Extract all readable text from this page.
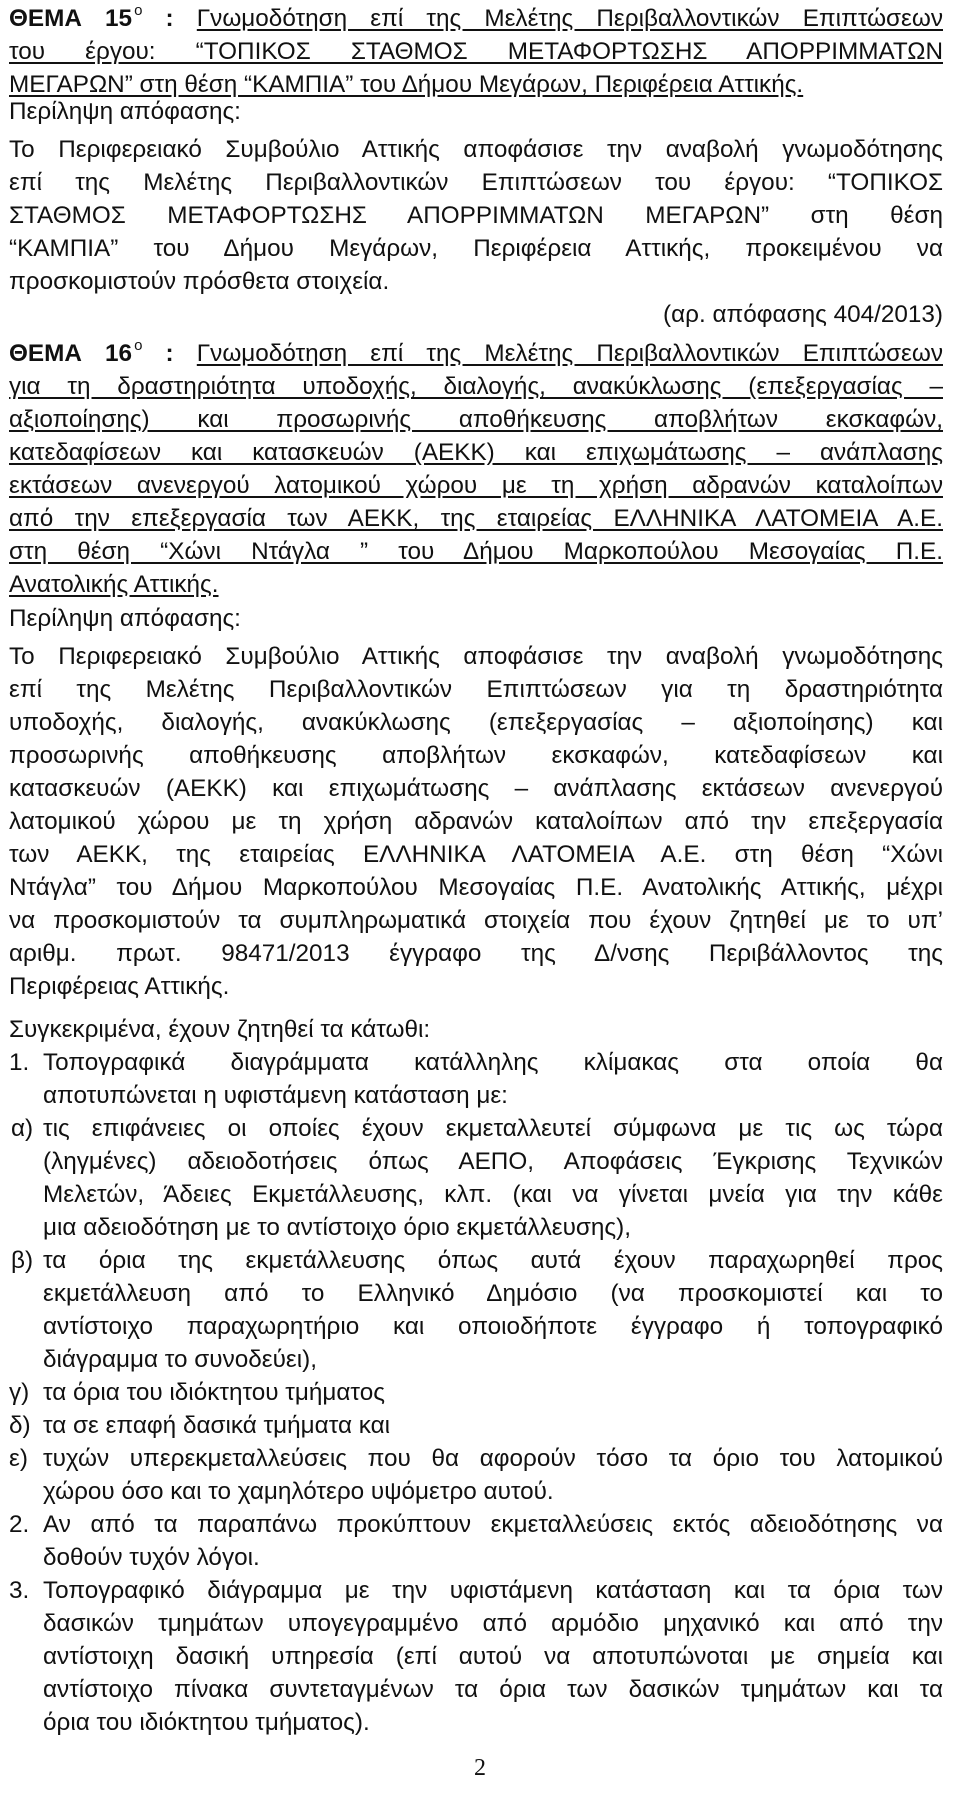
ΘΕΜΑ 15 $^o$ : Γνωμοδότηση επί της Μελέτης Περιβαλλοντικών Επιπτώσεων
του έργου: “ΤΟΠΙΚΟΣ ΣΤΑΘΜΟΣ ΜΕΤΑΦΟΡΤΩΣΗΣ ΑΠΟΡΡΙΜΜΑΤΩΝ
ΜΕΓΑΡΩΝ” στη θέση “ΚΑΜΠΙΑ” του Δήμου Μεγάρων, Περιφέρεια Αττικής.
Περίληψη απόφασης:
Το Περιφερειακό Συμβούλιο Αττικής αποφάσισε την αναβολή γνωμοδότησης
επί της Μελέτης Περιβαλλοντικών Επιπτώσεων του έργου: “ΤΟΠΙΚΟΣ
ΣΤΑΘΜΟΣ ΜΕΤΑΦΟΡΤΩΣΗΣ ΑΠΟΡΡΙΜΜΑΤΩΝ ΜΕΓΑΡΩΝ” στη θέση
“ΚΑΜΠΙΑ” του Δήμου Μεγάρων, Περιφέρεια Αττικής, προκειμένου να
προσκομιστούν πρόσθετα στοιχεία.
(αρ. απόφασης 404/2013)
ΘΕΜΑ 16 $^o$ : Γνωμοδότηση επί της Μελέτης Περιβαλλοντικών Επιπτώσεων
για τη δραστηριότητα υποδοχής, διαλογής, ανακύκλωσης (επεξεργασίας –
αξιοποίησης) και προσωρινής αποθήκευσης αποβλήτων εκσκαφών,
κατεδαφίσεων και κατασκευών (ΑΕΚΚ) και επιχωμάτωσης – ανάπλασης
εκτάσεων ανενεργού λατομικού χώρου με τη χρήση αδρανών καταλοίπων
από την επεξεργασία των ΑΕΚΚ, της εταιρείας ΕΛΛΗΝΙΚΑ ΛΑΤΟΜΕΙΑ Α.Ε.
στη θέση “Χώνι Ντάγλα ” του Δήμου Μαρκοπούλου Μεσογαίας Π.Ε.
Ανατολικής Αττικής.
Περίληψη απόφασης:
Το Περιφερειακό Συμβούλιο Αττικής αποφάσισε την αναβολή γνωμοδότησης
επί της Μελέτης Περιβαλλοντικών Επιπτώσεων για τη δραστηριότητα
υποδοχής, διαλογής, ανακύκλωσης (επεξεργασίας – αξιοποίησης) και
προσωρινής αποθήκευσης αποβλήτων εκσκαφών, κατεδαφίσεων και
κατασκευών (ΑΕΚΚ) και επιχωμάτωσης – ανάπλασης εκτάσεων ανενεργού
λατομικού χώρου με τη χρήση αδρανών καταλοίπων από την επεξεργασία
των ΑΕΚΚ, της εταιρείας ΕΛΛΗΝΙΚΑ ΛΑΤΟΜΕΙΑ Α.Ε. στη θέση “Χώνι
Ντάγλα” του Δήμου Μαρκοπούλου Μεσογαίας Π.Ε. Ανατολικής Αττικής, μέχρι
να προσκομιστούν τα συμπληρωματικά στοιχεία που έχουν ζητηθεί με το υπ’
αριθμ. πρωτ. 98471/2013 έγγραφο της Δ/νσης Περιβάλλοντος της
Περιφέρειας Αττικής.
Συγκεκριμένα, έχουν ζητηθεί τα κάτωθι:
1. Τοπογραφικά διαγράμματα κατάλληλης κλίμακας στα οποία θα
αποτυπώνεται η υφιστάμενη κατάσταση με:
α) τις επιφάνειες οι οποίες έχουν εκμεταλλευτεί σύμφωνα με τις ως τώρα
(ληγμένες) αδειοδοτήσεις όπως ΑΕΠΟ, Αποφάσεις Έγκρισης Τεχνικών
Μελετών, Άδειες Εκμετάλλευσης, κλπ. (και να γίνεται μνεία για την κάθε
μια αδειοδότηση με το αντίστοιχο όριο εκμετάλλευσης),
β) τα όρια της εκμετάλλευσης όπως αυτά έχουν παραχωρηθεί προς
εκμετάλλευση από το Ελληνικό Δημόσιο (να προσκομιστεί και το
αντίστοιχο παραχωρητήριο και οποιοδήποτε έγγραφο ή τοπογραφικό
διάγραμμα το συνοδεύει),
γ) τα όρια του ιδιόκτητου τμήματος
δ) τα σε επαφή δασικά τμήματα και
ε) τυχών υπερεκμεταλλεύσεις που θα αφορούν τόσο τα όριο του λατομικού
χώρου όσο και το χαμηλότερο υψόμετρο αυτού.
2. Αν από τα παραπάνω προκύπτουν εκμεταλλεύσεις εκτός αδειοδότησης να
δοθούν τυχόν λόγοι.
3. Τοπογραφικό διάγραμμα με την υφιστάμενη κατάσταση και τα όρια των
δασικών τμημάτων υπογεγραμμένο από αρμόδιο μηχανικό και από την
αντίστοιχη δασική υπηρεσία (επί αυτού να αποτυπώνοται με σημεία και
αντίστοιχο πίνακα συντεταγμένων τα όρια των δασικών τμημάτων και τα
όρια του ιδιόκτητου τμήματος).
2
